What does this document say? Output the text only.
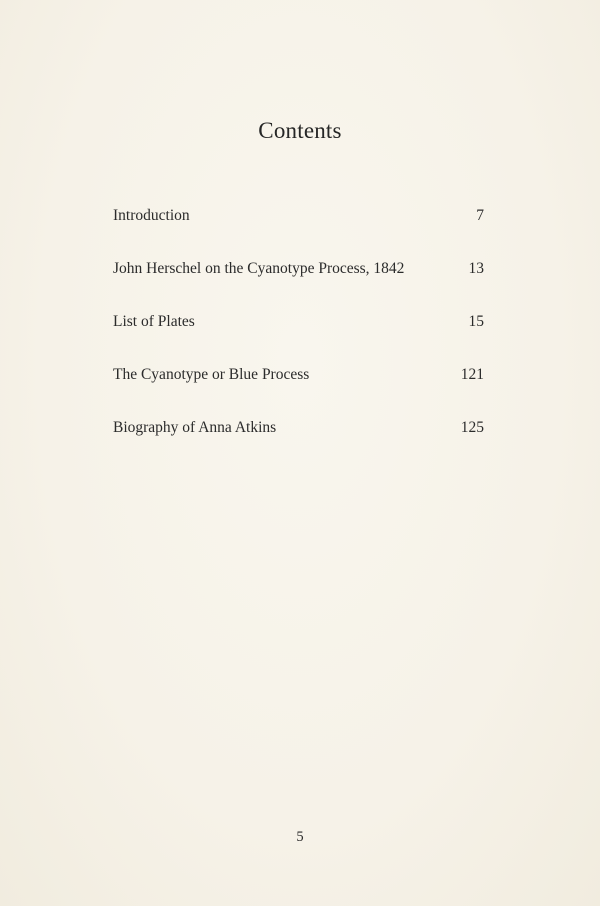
Contents
Introduction	7
John Herschel on the Cyanotype Process, 1842	13
List of Plates	15
The Cyanotype or Blue Process	121
Biography of Anna Atkins	125
5
